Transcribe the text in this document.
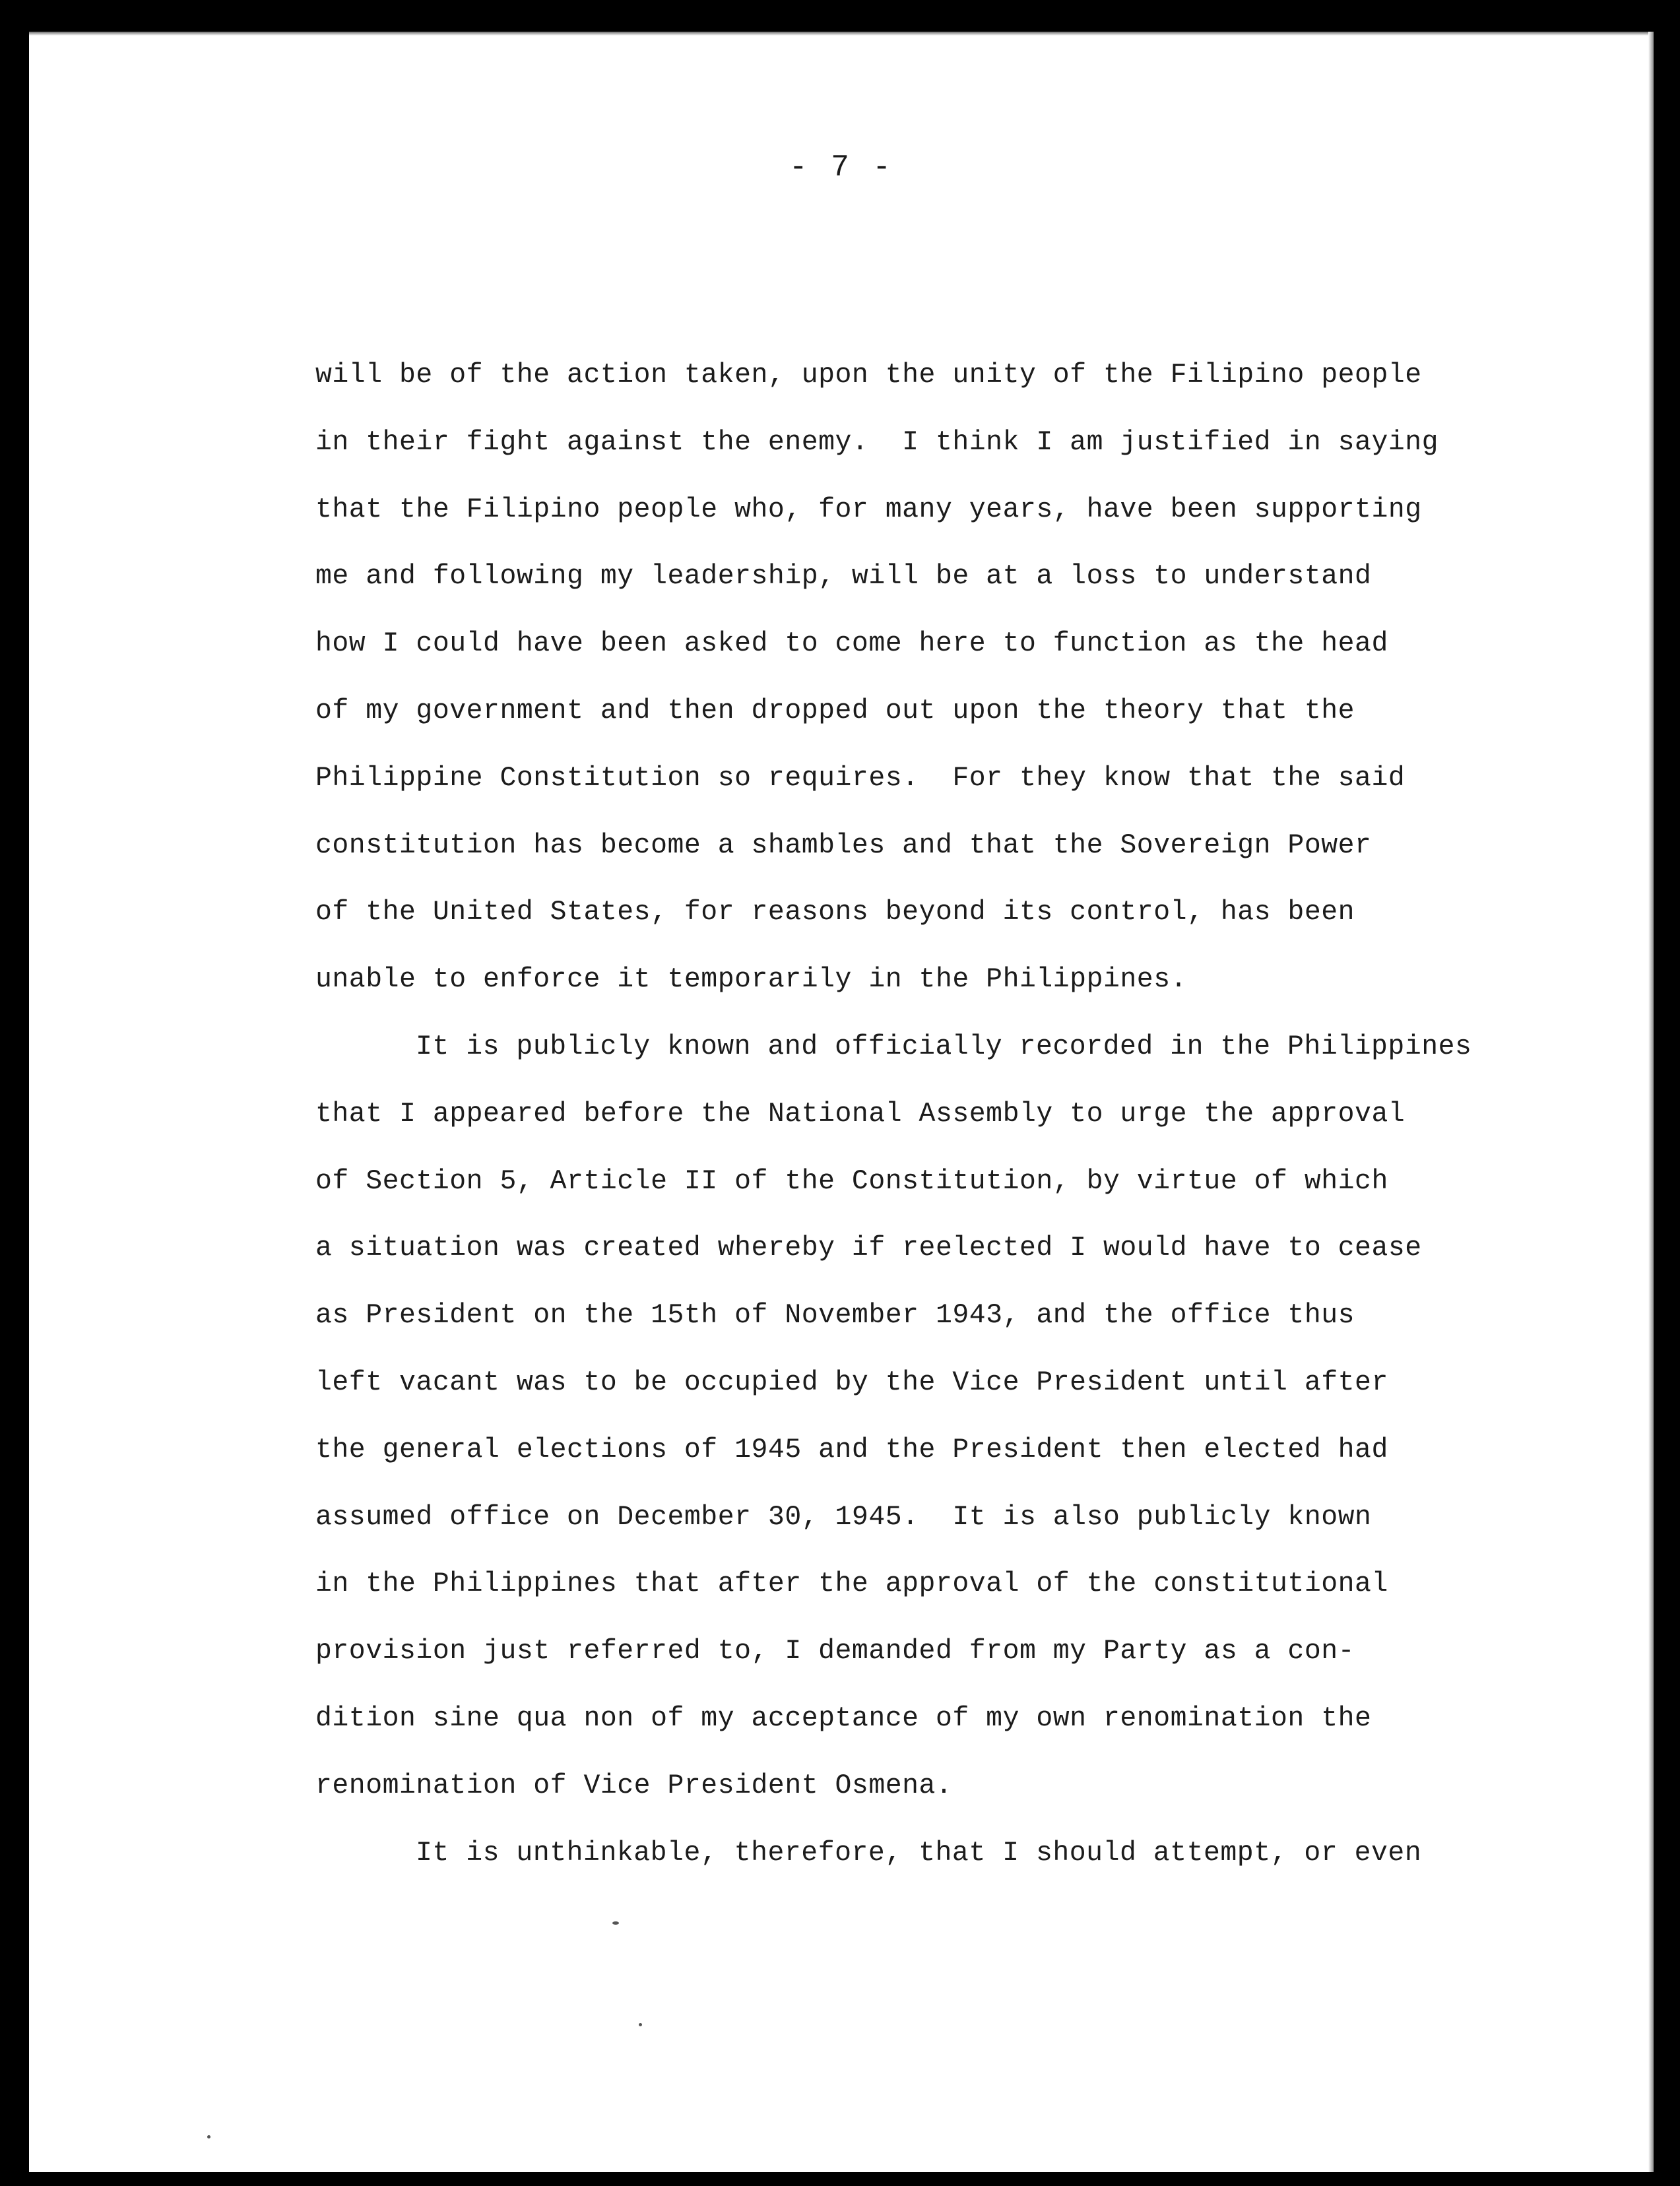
- 7 -
will be of the action taken, upon the unity of the Filipino people
in their fight against the enemy.  I think I am justified in saying
that the Filipino people who, for many years, have been supporting
me and following my leadership, will be at a loss to understand
how I could have been asked to come here to function as the head
of my government and then dropped out upon the theory that the
Philippine Constitution so requires.  For they know that the said
constitution has become a shambles and that the Sovereign Power
of the United States, for reasons beyond its control, has been
unable to enforce it temporarily in the Philippines.
It is publicly known and officially recorded in the Philippines
that I appeared before the National Assembly to urge the approval
of Section 5, Article II of the Constitution, by virtue of which
a situation was created whereby if reelected I would have to cease
as President on the 15th of November 1943, and the office thus
left vacant was to be occupied by the Vice President until after
the general elections of 1945 and the President then elected had
assumed office on December 30, 1945.  It is also publicly known
in the Philippines that after the approval of the constitutional
provision just referred to, I demanded from my Party as a con-
dition sine qua non of my acceptance of my own renomination the
renomination of Vice President Osmena.
It is unthinkable, therefore, that I should attempt, or even
